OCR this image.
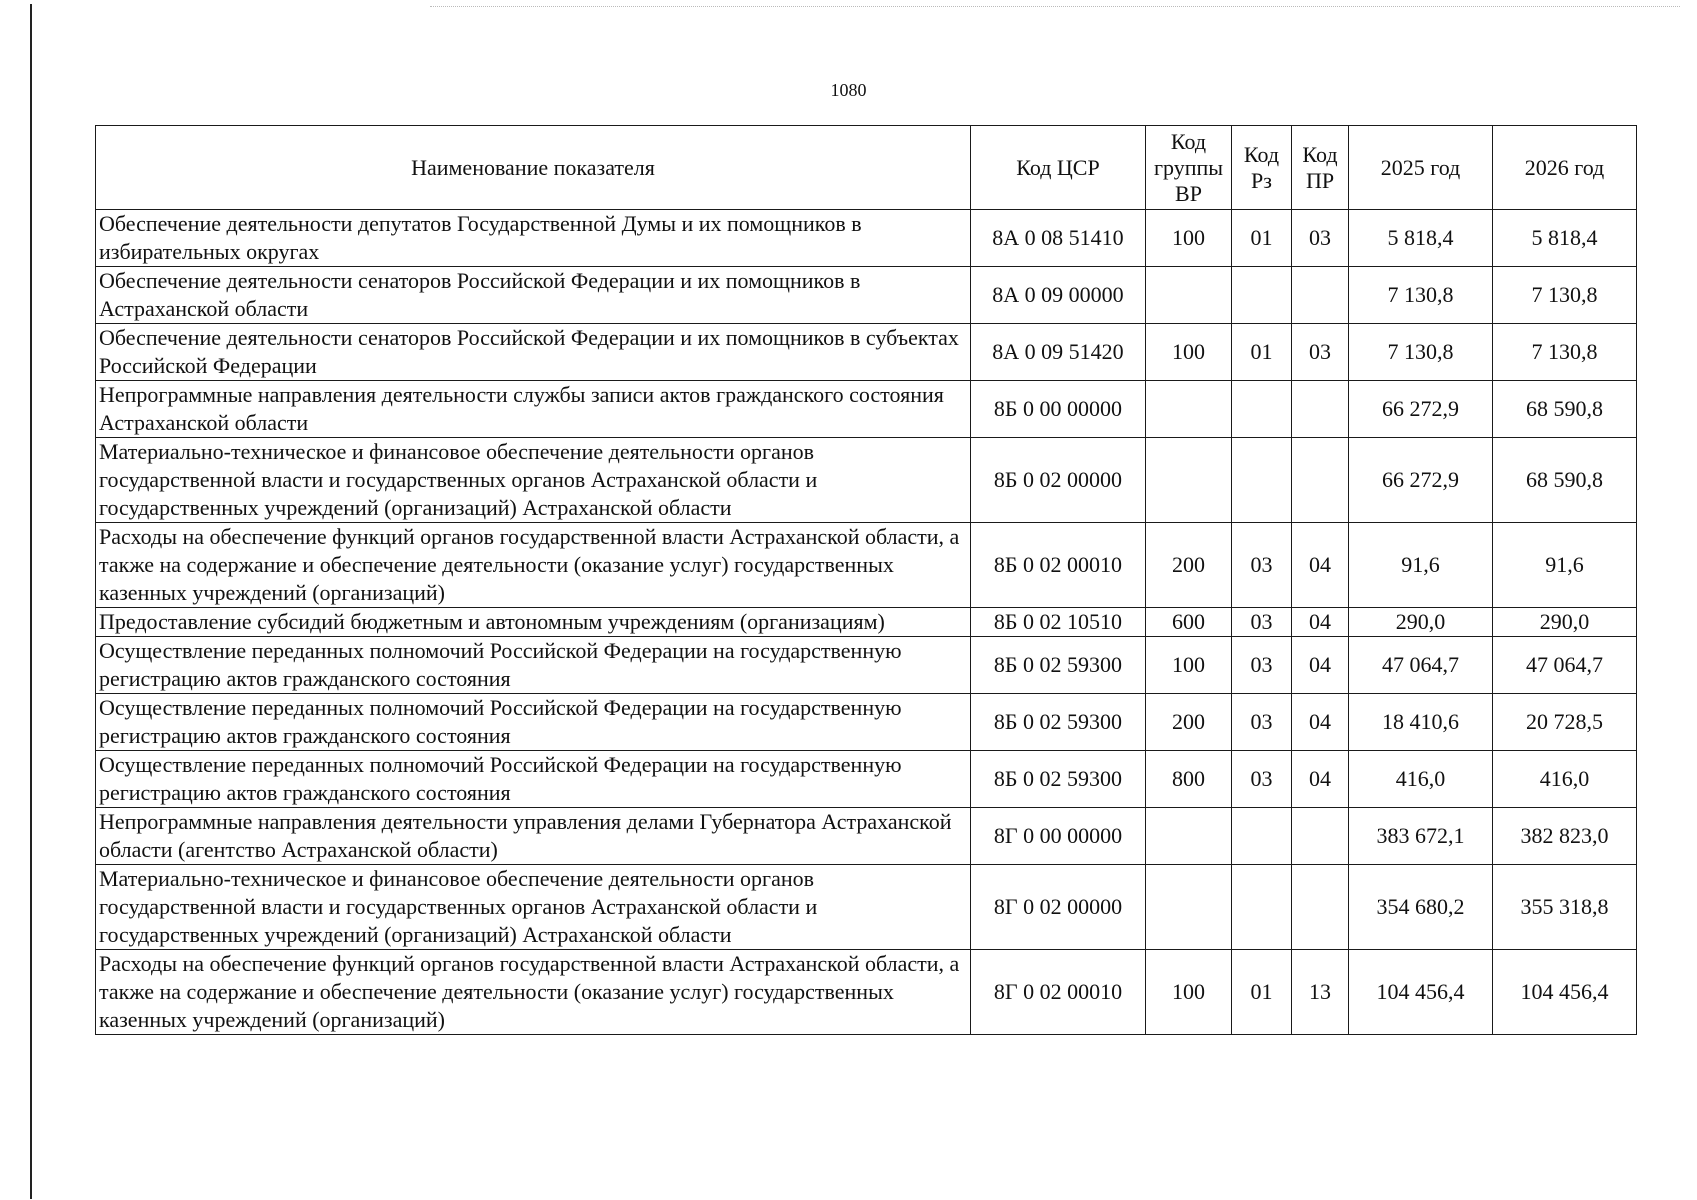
1080
Наименование показателя	Код ЦСР	Код группы ВР	Код Рз	Код ПР	2025 год	2026 год
Обеспечение деятельности депутатов Государственной Думы и их помощников в избирательных округах	8А 0 08 51410	100	01	03	5 818,4	5 818,4
Обеспечение деятельности сенаторов Российской Федерации и их помощников в Астраханской области	8А 0 09 00000				7 130,8	7 130,8
Обеспечение деятельности сенаторов Российской Федерации и их помощников в субъектах Российской Федерации	8А 0 09 51420	100	01	03	7 130,8	7 130,8
Непрограммные направления деятельности службы записи актов гражданского состояния Астраханской области	8Б 0 00 00000				66 272,9	68 590,8
Материально-техническое и финансовое обеспечение деятельности органов государственной власти и государственных органов Астраханской области и государственных учреждений (организаций) Астраханской области	8Б 0 02 00000				66 272,9	68 590,8
Расходы на обеспечение функций органов государственной власти Астраханской области, а также на содержание и обеспечение деятельности (оказание услуг) государственных казенных учреждений (организаций)	8Б 0 02 00010	200	03	04	91,6	91,6
Предоставление субсидий бюджетным и автономным учреждениям (организациям)	8Б 0 02 10510	600	03	04	290,0	290,0
Осуществление переданных полномочий Российской Федерации на государственную регистрацию актов гражданского состояния	8Б 0 02 59300	100	03	04	47 064,7	47 064,7
Осуществление переданных полномочий Российской Федерации на государственную регистрацию актов гражданского состояния	8Б 0 02 59300	200	03	04	18 410,6	20 728,5
Осуществление переданных полномочий Российской Федерации на государственную регистрацию актов гражданского состояния	8Б 0 02 59300	800	03	04	416,0	416,0
Непрограммные направления деятельности управления делами Губернатора Астраханской области (агентство Астраханской области)	8Г 0 00 00000				383 672,1	382 823,0
Материально-техническое и финансовое обеспечение деятельности органов государственной власти и государственных органов Астраханской области и государственных учреждений (организаций) Астраханской области	8Г 0 02 00000				354 680,2	355 318,8
Расходы на обеспечение функций органов государственной власти Астраханской области, а также на содержание и обеспечение деятельности (оказание услуг) государственных казенных учреждений (организаций)	8Г 0 02 00010	100	01	13	104 456,4	104 456,4
